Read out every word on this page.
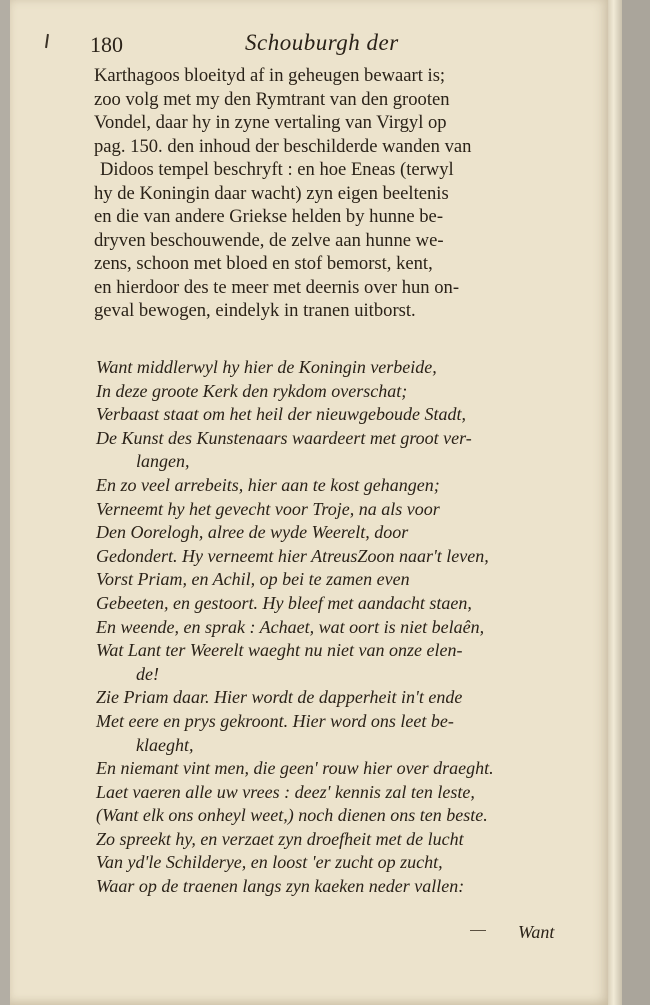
180	Schouburgh der

Karthagoos bloeityd af in geheugen bewaart is;
zoo volg met my den Rymtrant van den grooten
Vondel, daar hy in zyne vertaling van Virgyl op
pag. 150. den inhoud der beschilderde wanden van
Didoos tempel beschryft : en hoe Eneas (terwyl
hy de Koningin daar wacht) zyn eigen beeltenis
en die van andere Griekse helden by hunne be-
dryven beschouwende, de zelve aan hunne we-
zens, schoon met bloed en stof bemorst, kent,
en hierdoor des te meer met deernis over hun on-
geval bewogen, eindelyk in tranen uitborst.

Want middlerwyl hy hier de Koningin verbeide,
In deze groote Kerk den rykdom overschat;
Verbaast staat om het heil der nieuwgeboude Stadt,
De Kunst des Kunstenaars waardeert met groot ver-
langen,
En zo veel arrebeits, hier aan te kost gehangen;
Verneemt hy het gevecht voor Troje, na als voor
Den Oorelogh, alree de wyde Weerelt, door
Gedondert. Hy verneemt hier AtreusZoon naar't leven,
Vorst Priam, en Achil, op bei te zamen even
Gebeeten, en gestoort. Hy bleef met aandacht staen,
En weende, en sprak : Achaet, wat oort is niet belaên,
Wat Lant ter Weerelt waeght nu niet van onze elen-
de!
Zie Priam daar. Hier wordt de dapperheit in't ende
Met eere en prys gekroont. Hier word ons leet be-
klaeght,
En niemant vint men, die geen' rouw hier over draeght.
Laet vaeren alle uw vrees : deez' kennis zal ten leste,
(Want elk ons onheyl weet,) noch dienen ons ten beste.
Zo spreekt hy, en verzaet zyn droefheit met de lucht
Van yd'le Schilderye, en loost 'er zucht op zucht,
Waar op de traenen langs zyn kaeken neder vallen:

Want
